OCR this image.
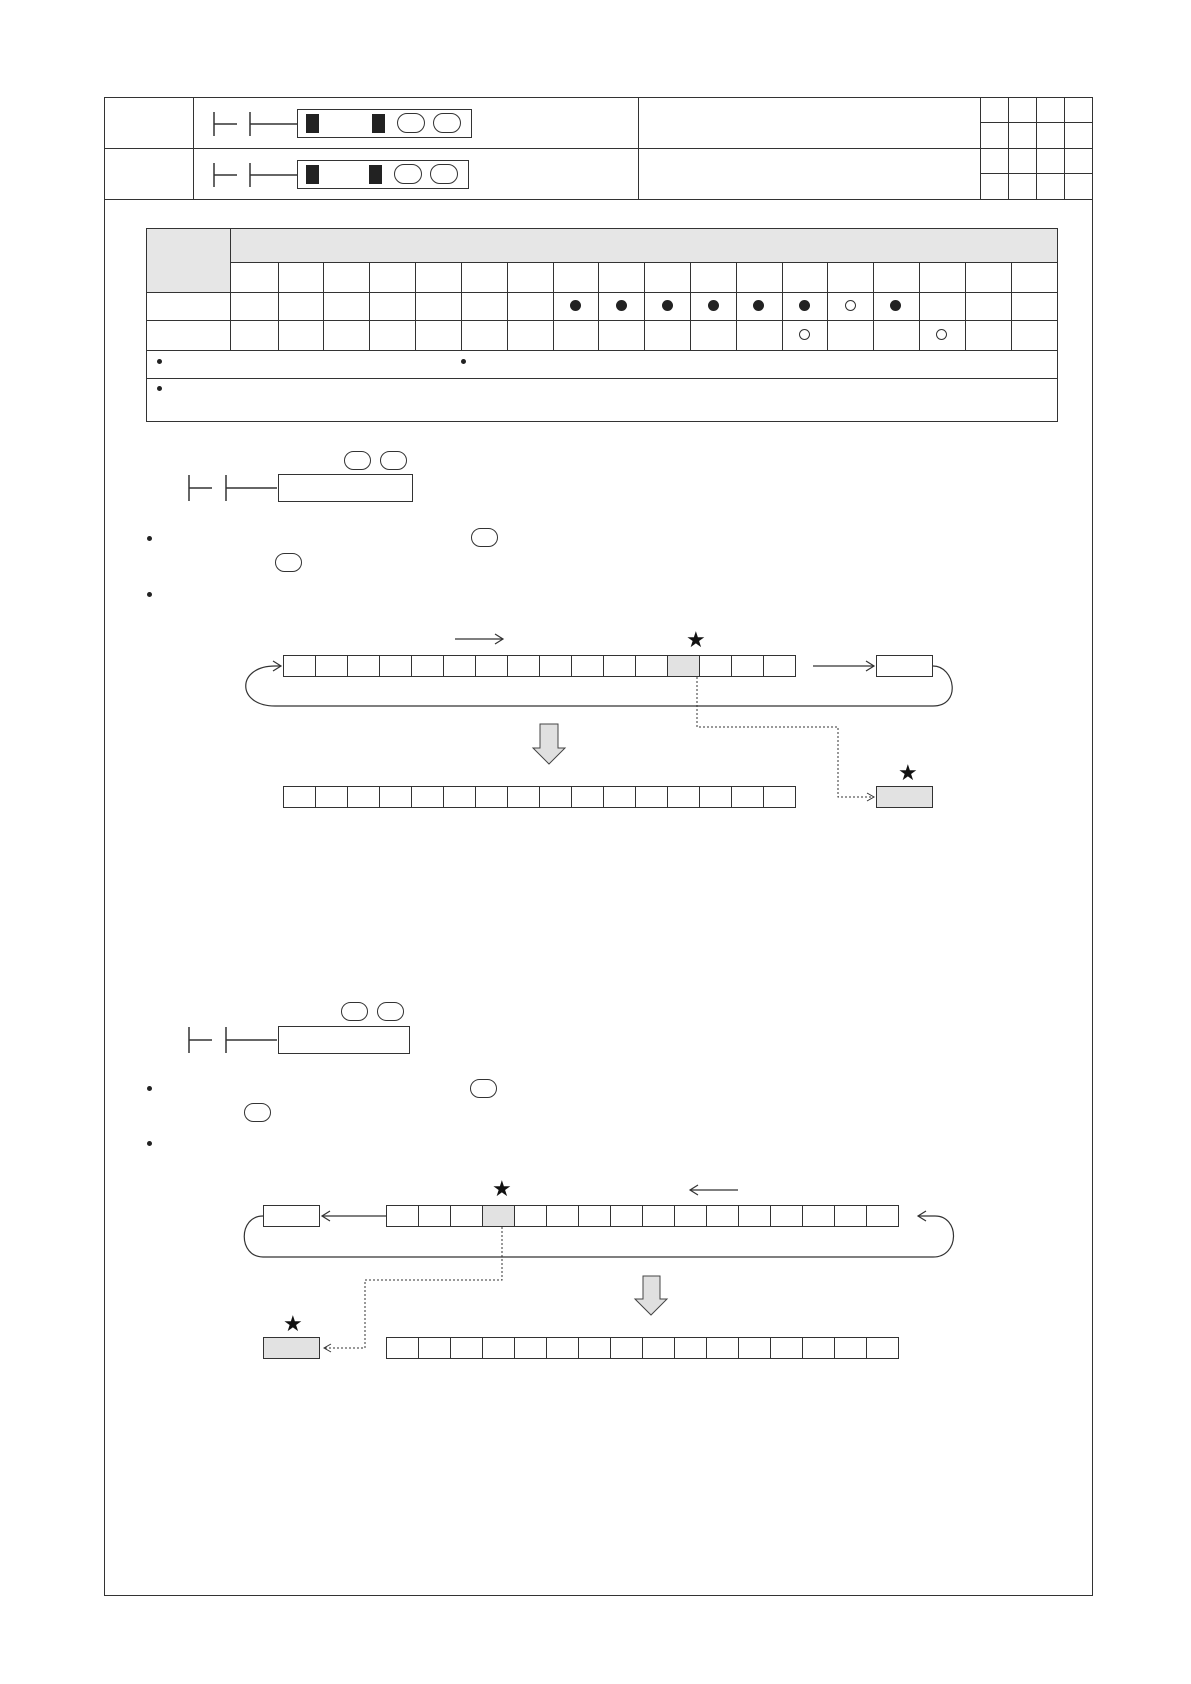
★
★
★
★
